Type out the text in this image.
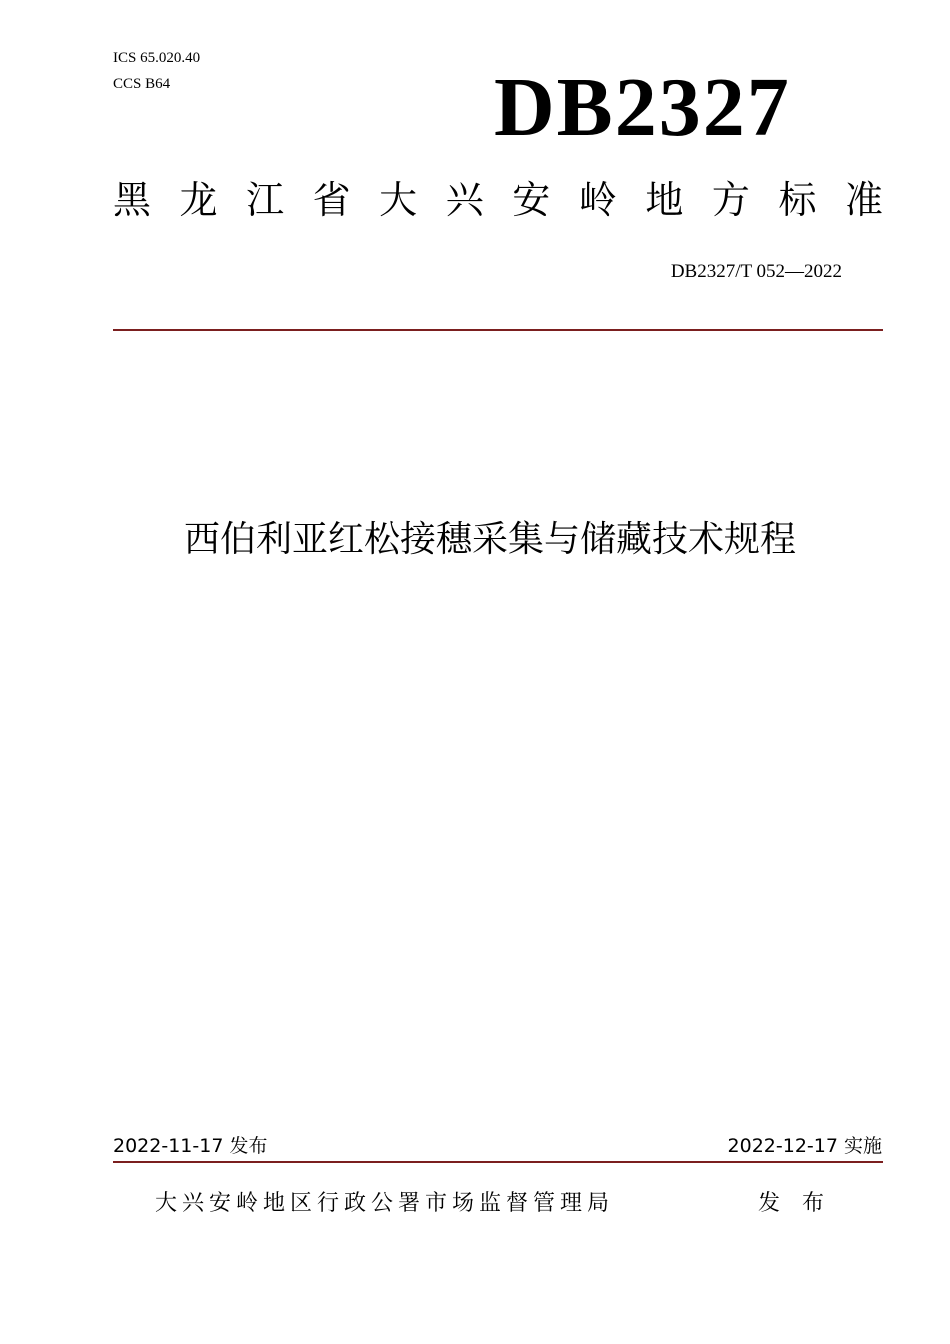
ICS 65.020.40
CCS B64	DB2327
黑龙江省大兴安岭地方标准
DB2327/T 052—2022
西伯利亚红松接穗采集与储藏技术规程
2022-11-17 发布	2022-12-17 实施
大兴安岭地区行政公署市场监督管理局	发布
